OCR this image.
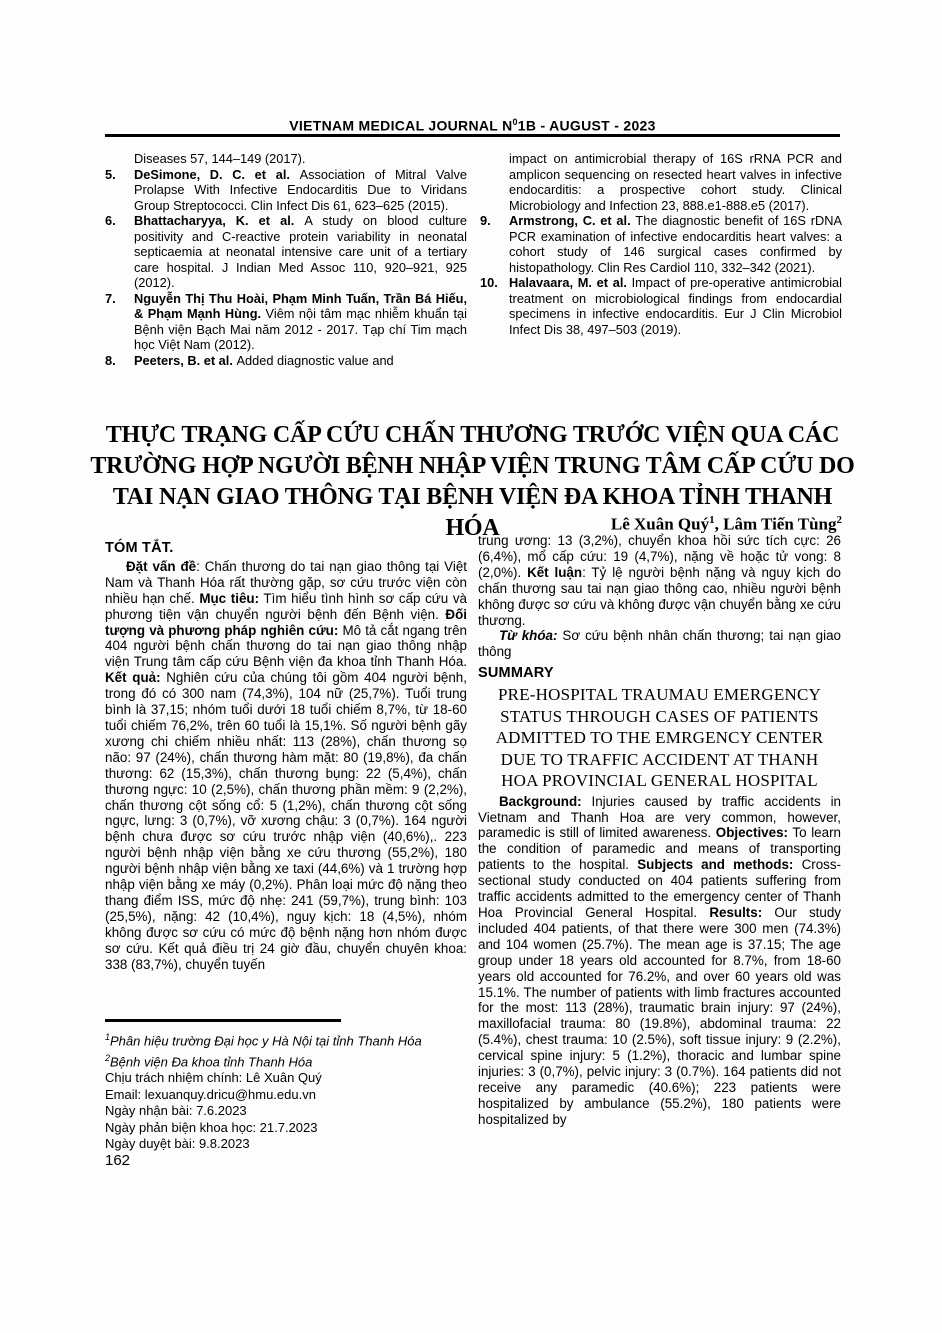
VIETNAM MEDICAL JOURNAL $N^01B$ - AUGUST - 2023
Diseases 57, 144–149 (2017).
5. DeSimone, D. C. et al. Association of Mitral Valve Prolapse With Infective Endocarditis Due to Viridans Group Streptococci. Clin Infect Dis 61, 623–625 (2015).
6. Bhattacharyya, K. et al. A study on blood culture positivity and C-reactive protein variability in neonatal septicaemia at neonatal intensive care unit of a tertiary care hospital. J Indian Med Assoc 110, 920–921, 925 (2012).
7. Nguyễn Thị Thu Hoài, Phạm Minh Tuấn, Trần Bá Hiếu, & Phạm Mạnh Hùng. Viêm nội tâm mạc nhiễm khuẩn tại Bệnh viện Bạch Mai năm 2012 - 2017. Tạp chí Tim mạch học Việt Nam (2012).
8. Peeters, B. et al. Added diagnostic value and
impact on antimicrobial therapy of 16S rRNA PCR and amplicon sequencing on resected heart valves in infective endocarditis: a prospective cohort study. Clinical Microbiology and Infection 23, 888.e1-888.e5 (2017).
9. Armstrong, C. et al. The diagnostic benefit of 16S rDNA PCR examination of infective endocarditis heart valves: a cohort study of 146 surgical cases confirmed by histopathology. Clin Res Cardiol 110, 332–342 (2021).
10. Halavaara, M. et al. Impact of pre-operative antimicrobial treatment on microbiological findings from endocardial specimens in infective endocarditis. Eur J Clin Microbiol Infect Dis 38, 497–503 (2019).
THỰC TRẠNG CẤP CỨU CHẤN THƯƠNG TRƯỚC VIỆN QUA CÁC
TRƯỜNG HỢP NGƯỜI BỆNH NHẬP VIỆN TRUNG TÂM CẤP CỨU DO
TAI NẠN GIAO THÔNG TẠI BỆNH VIỆN ĐA KHOA TỈNH THANH HÓA	Lê Xuân Quý$^1$, Lâm Tiến Tùng$^2$
TÓM TẮT.

Đặt vấn đề: Chấn thương do tai nạn giao thông tại Việt Nam và Thanh Hóa rất thường gặp, sơ cứu trước viện còn nhiều hạn chế. Mục tiêu: Tìm hiểu tình hình sơ cấp cứu và phương tiện vận chuyển người bệnh đến Bệnh viện. Đối tượng và phương pháp nghiên cứu: Mô tả cắt ngang trên 404 người bệnh chấn thương do tai nạn giao thông nhập viện Trung tâm cấp cứu Bệnh viện đa khoa tỉnh Thanh Hóa. Kết quả: Nghiên cứu của chúng tôi gồm 404 người bệnh, trong đó có 300 nam (74,3%), 104 nữ (25,7%). Tuổi trung bình là 37,15; nhóm tuổi dưới 18 tuổi chiếm 8,7%, từ 18-60 tuổi chiếm 76,2%, trên 60 tuổi là 15,1%. Số người bệnh gãy xương chi chiếm nhiều nhất: 113 (28%), chấn thương sọ não: 97 (24%), chấn thương hàm mặt: 80 (19,8%), đa chấn thương: 62 (15,3%), chấn thương bụng: 22 (5,4%), chấn thương ngực: 10 (2,5%), chấn thương phần mềm: 9 (2,2%), chấn thương cột sống cổ: 5 (1,2%), chấn thương cột sống ngực, lưng: 3 (0,7%), vỡ xương chậu: 3 (0,7%). 164 người bệnh chưa được sơ cứu trước nhập viện (40,6%),. 223 người bệnh nhập viện bằng xe cứu thương (55,2%), 180 người bệnh nhập viện bằng xe taxi (44,6%) và 1 trường hợp nhập viện bằng xe máy (0,2%). Phân loại mức độ nặng theo thang điểm ISS, mức độ nhẹ: 241 (59,7%), trung bình: 103 (25,5%), nặng: 42 (10,4%), nguy kịch: 18 (4,5%), nhóm không được sơ cứu có mức độ bệnh nặng hơn nhóm được sơ cứu. Kết quả điều trị 24 giờ đầu, chuyển chuyên khoa: 338 (83,7%), chuyển tuyến

trung ương: 13 (3,2%), chuyển khoa hồi sức tích cực: 26 (6,4%), mổ cấp cứu: 19 (4,7%), nặng về hoặc tử vong: 8 (2,0%). Kết luận: Tỷ lệ người bệnh nặng và nguy kịch do chấn thương sau tai nạn giao thông cao, nhiều người bệnh không được sơ cứu và không được vận chuyển bằng xe cứu thương.

Từ khóa: Sơ cứu bệnh nhân chấn thương; tai nạn giao thông

SUMMARY
PRE-HOSPITAL TRAUMAU EMERGENCY
STATUS THROUGH CASES OF PATIENTS
ADMITTED TO THE EMRGENCY CENTER
DUE TO TRAFFIC ACCIDENT AT THANH
HOA PROVINCIAL GENERAL HOSPITAL

Background: Injuries caused by traffic accidents in Vietnam and Thanh Hoa are very common, however, paramedic is still of limited awareness. Objectives: To learn the condition of paramedic and means of transporting patients to the hospital. Subjects and methods: Cross-sectional study conducted on 404 patients suffering from traffic accidents admitted to the emergency center of Thanh Hoa Provincial General Hospital. Results: Our study included 404 patients, of that there were 300 men (74.3%) and 104 women (25.7%). The mean age is 37.15; The age group under 18 years old accounted for 8.7%, from 18-60 years old accounted for 76.2%, and over 60 years old was 15.1%. The number of patients with limb fractures accounted for the most: 113 (28%), traumatic brain injury: 97 (24%), maxillofacial trauma: 80 (19.8%), abdominal trauma: 22 (5.4%), chest trauma: 10 (2.5%), soft tissue injury: 9 (2.2%), cervical spine injury: 5 (1.2%), thoracic and lumbar spine injuries: 3 (0,7%), pelvic injury: 3 (0.7%). 164 patients did not receive any paramedic (40.6%); 223 patients were hospitalized by ambulance (55.2%), 180 patients were hospitalized by

$^1$Phân hiệu trường Đại học y Hà Nội tại tỉnh Thanh Hóa
$^2$Bệnh viện Đa khoa tỉnh Thanh Hóa
Chịu trách nhiệm chính: Lê Xuân Quý
Email: lexuanquy.dricu@hmu.edu.vn
Ngày nhận bài: 7.6.2023
Ngày phản biện khoa học: 21.7.2023
Ngày duyệt bài: 9.8.2023
162
